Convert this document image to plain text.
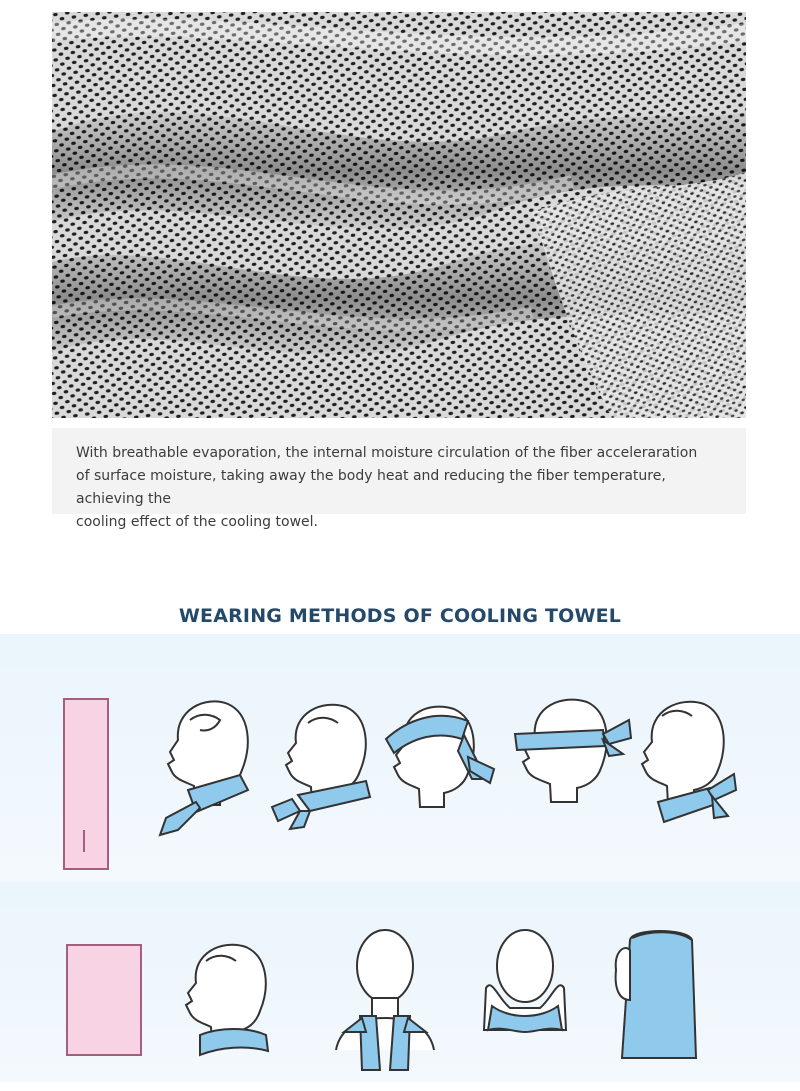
With breathable evaporation, the internal moisture circulation of the fiber acceleraration
of surface moisture, taking away the body heat and reducing the fiber temperature, achieving the
cooling effect of the cooling towel.

WEARING METHODS OF COOLING TOWEL
